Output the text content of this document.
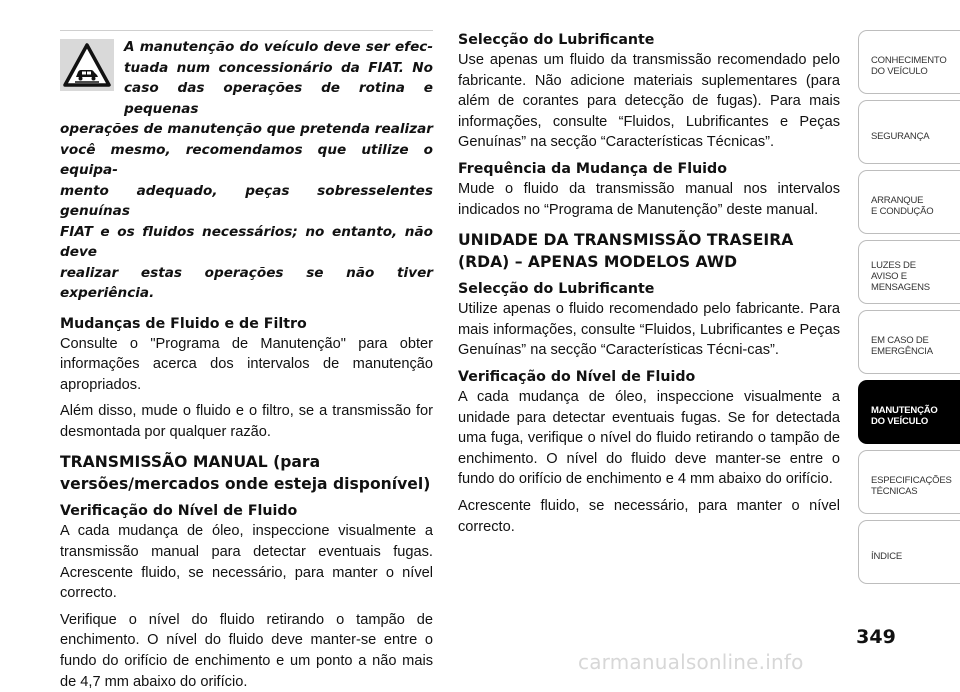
A manutenção do veículo deve ser efec-
tuada num concessionário da FIAT. No
caso das operações de rotina e pequenas
operações de manutenção que pretenda realizar
você mesmo, recomendamos que utilize o equipa-
mento adequado, peças sobresselentes genuínas
FIAT e os fluidos necessários; no entanto, não deve
realizar estas operações se não tiver experiência.
Mudanças de Fluido e de Filtro

Consulte o "Programa de Manutenção" para obter informações acerca dos intervalos de manutenção apropriados.

Além disso, mude o fluido e o filtro, se a transmissão for desmontada por qualquer razão.

TRANSMISSÃO MANUAL (para versões/mercados onde esteja disponível)
Verificação do Nível de Fluido

A cada mudança de óleo, inspeccione visualmente a transmissão manual para detectar eventuais fugas. Acrescente fluido, se necessário, para manter o nível correcto.

Verifique o nível do fluido retirando o tampão de enchimento. O nível do fluido deve manter-se entre o fundo do orifício de enchimento e um ponto a não mais de 4,7 mm abaixo do orifício.

Selecção do Lubrificante

Use apenas um fluido da transmissão recomendado pelo fabricante. Não adicione materiais suplementares (para além de corantes para detecção de fugas). Para mais informações, consulte “Fluidos, Lubrificantes e Peças Genuínas” na secção “Características Técnicas”.

Frequência da Mudança de Fluido

Mude o fluido da transmissão manual nos intervalos indicados no “Programa de Manutenção” deste manual.

UNIDADE DA TRANSMISSÃO TRASEIRA (RDA) – APENAS MODELOS AWD
Selecção do Lubrificante

Utilize apenas o fluido recomendado pelo fabricante. Para mais informações, consulte “Fluidos, Lubrificantes e Peças Genuínas” na secção “Características Técni-cas”.

Verificação do Nível de Fluido

A cada mudança de óleo, inspeccione visualmente a unidade para detectar eventuais fugas. Se for detectada uma fuga, verifique o nível do fluido retirando o tampão de enchimento. O nível do fluido deve manter-se entre o fundo do orifício de enchimento e 4 mm abaixo do orifício.

Acrescente fluido, se necessário, para manter o nível correcto.

CONHECIMENTO
DO VEÍCULO
SEGURANÇA
ARRANQUE
E CONDUÇÃO
LUZES DE
AVISO E
MENSAGENS
EM CASO DE
EMERGÊNCIA
MANUTENÇÃO
DO VEÍCULO
ESPECIFICAÇÕES
TÉCNICAS
ÍNDICE
349
carmanualsonline.info
